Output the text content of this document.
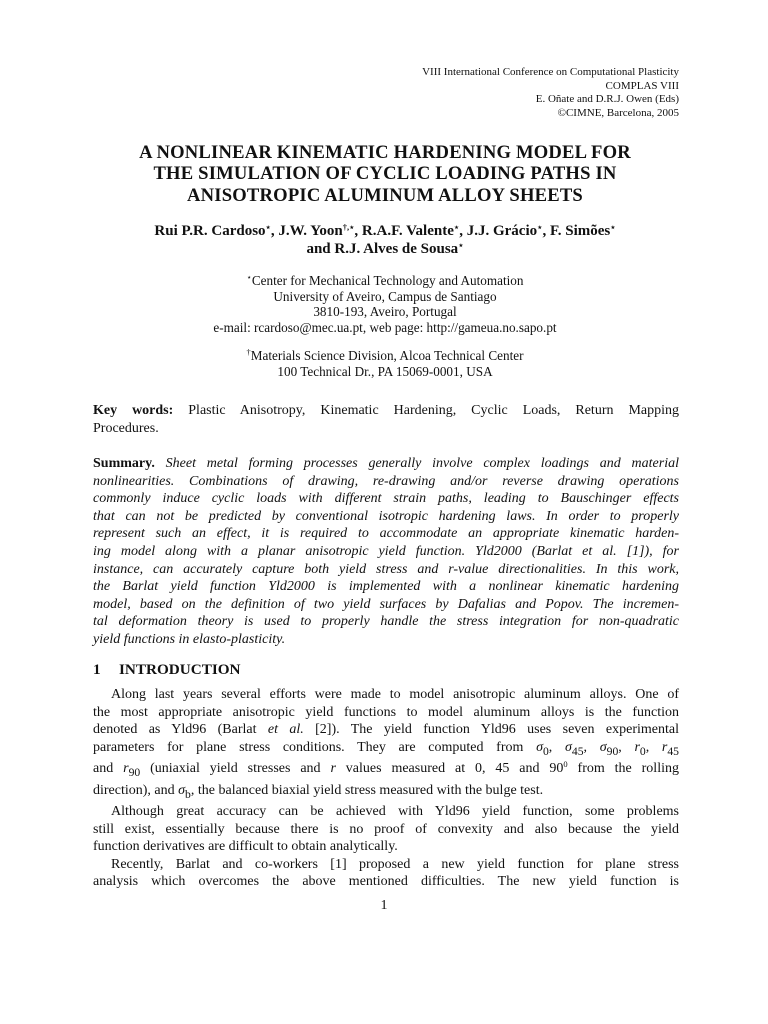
VIII International Conference on Computational Plasticity
COMPLAS VIII
E. Oñate and D.R.J. Owen (Eds)
©CIMNE, Barcelona, 2005
A NONLINEAR KINEMATIC HARDENING MODEL FOR
THE SIMULATION OF CYCLIC LOADING PATHS IN
ANISOTROPIC ALUMINUM ALLOY SHEETS
Rui P.R. Cardoso⋆, J.W. Yoon†,⋆, R.A.F. Valente⋆, J.J. Grácio⋆, F. Simões⋆
and R.J. Alves de Sousa⋆
⋆Center for Mechanical Technology and Automation
University of Aveiro, Campus de Santiago
3810-193, Aveiro, Portugal
e-mail: rcardoso@mec.ua.pt, web page: http://gameua.no.sapo.pt
†Materials Science Division, Alcoa Technical Center
100 Technical Dr., PA 15069-0001, USA
Key words: Plastic Anisotropy, Kinematic Hardening, Cyclic Loads, Return Mapping
Procedures.
Summary. Sheet metal forming processes generally involve complex loadings and material
nonlinearities. Combinations of drawing, re-drawing and/or reverse drawing operations
commonly induce cyclic loads with different strain paths, leading to Bauschinger effects
that can not be predicted by conventional isotropic hardening laws. In order to properly
represent such an effect, it is required to accommodate an appropriate kinematic harden-
ing model along with a planar anisotropic yield function. Yld2000 (Barlat et al. [1]), for
instance, can accurately capture both yield stress and r-value directionalities. In this work,
the Barlat yield function Yld2000 is implemented with a nonlinear kinematic hardening
model, based on the definition of two yield surfaces by Dafalias and Popov. The incremen-
tal deformation theory is used to properly handle the stress integration for non-quadratic
yield functions in elasto-plasticity.
1 INTRODUCTION
Along last years several efforts were made to model anisotropic aluminum alloys. One of
the most appropriate anisotropic yield functions to model aluminum alloys is the function
denoted as Yld96 (Barlat et al. [2]). The yield function Yld96 uses seven experimental
parameters for plane stress conditions. They are computed from $\sigma_0$, $\sigma_{45}$, $\sigma_{90}$, $r_0$, $r_{45}$
and $r_{90}$ (uniaxial yield stresses and r values measured at 0, 45 and $90^0$ from the rolling
direction), and $\sigma_b$, the balanced biaxial yield stress measured with the bulge test.
Although great accuracy can be achieved with Yld96 yield function, some problems
still exist, essentially because there is no proof of convexity and also because the yield
function derivatives are difficult to obtain analytically.
Recently, Barlat and co-workers [1] proposed a new yield function for plane stress
analysis which overcomes the above mentioned difficulties. The new yield function is
1
